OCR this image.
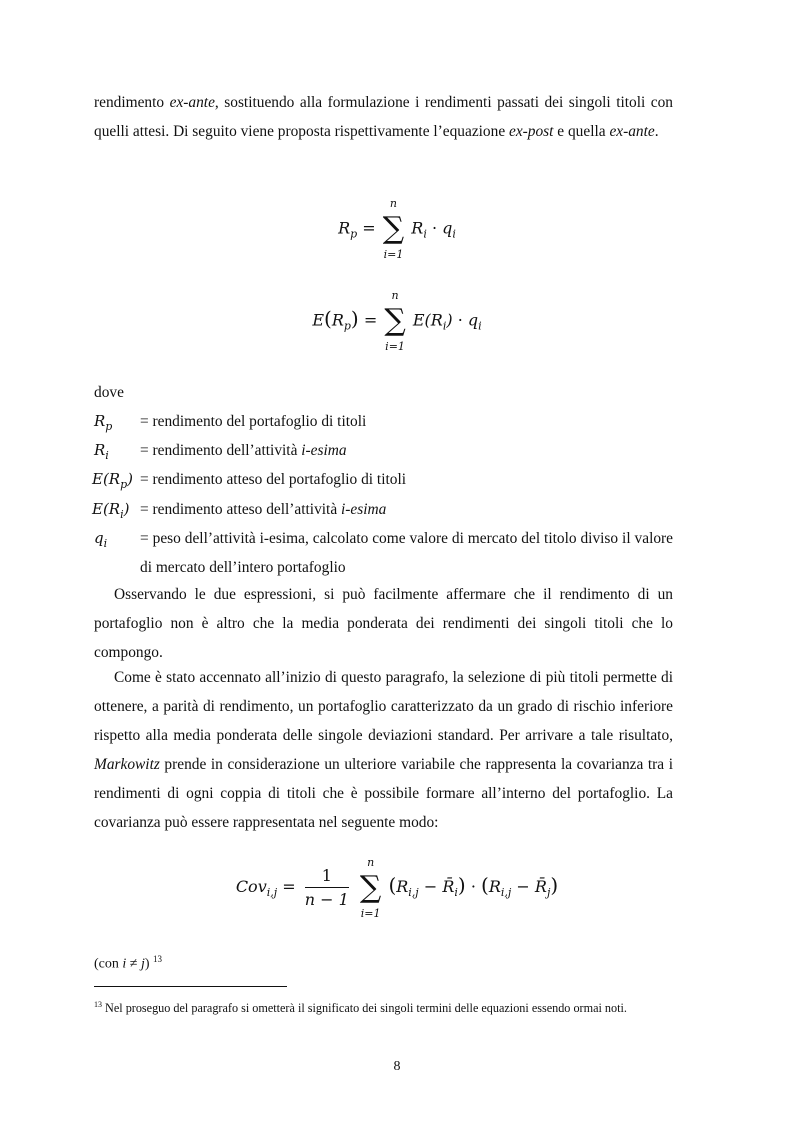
rendimento ex-ante, sostituendo alla formulazione i rendimenti passati dei singoli titoli con quelli attesi. Di seguito viene proposta rispettivamente l’equazione ex-post e quella ex-ante.

$R_p$ = ∑
n
i=1
$R_i \cdot q_i$
$E(R_p)$ = ∑
n
i=1
$E(R_i) \cdot q_i$

dove

$R_p$ = rendimento del portafoglio di titoli
$R_i$ = rendimento dell’attività i-esima
$E(R_p)$ = rendimento atteso del portafoglio di titoli
$E(R_i)$ = rendimento atteso dell’attività i-esima
$q_i$ = peso dell’attività i-esima, calcolato come valore di mercato del titolo diviso il valore di mercato dell’intero portafoglio

Osservando le due espressioni, si può facilmente affermare che il rendimento di un portafoglio non è altro che la media ponderata dei rendimenti dei singoli titoli che lo compongo.

Come è stato accennato all’inizio di questo paragrafo, la selezione di più titoli permette di ottenere, a parità di rendimento, un portafoglio caratterizzato da un grado di rischio inferiore rispetto alla media ponderata delle singole deviazioni standard. Per arrivare a tale risultato, Markowitz prende in considerazione un ulteriore variabile che rappresenta la covarianza tra i rendimenti di ogni coppia di titoli che è possibile formare all’interno del portafoglio. La covarianza può essere rappresentata nel seguente modo:

$Cov_{i,j} = \frac{1}{n - 1}$ ∑
n
i=1
($R_{i,j}$ − $R̄_i) \cdot (R_{i,j}$ − $R̄_j$)

(con i ≠ j) $^{13}$

$^{13}$ Nel proseguo del paragrafo si ometterà il significato dei singoli termini delle equazioni essendo ormai noti.
8
